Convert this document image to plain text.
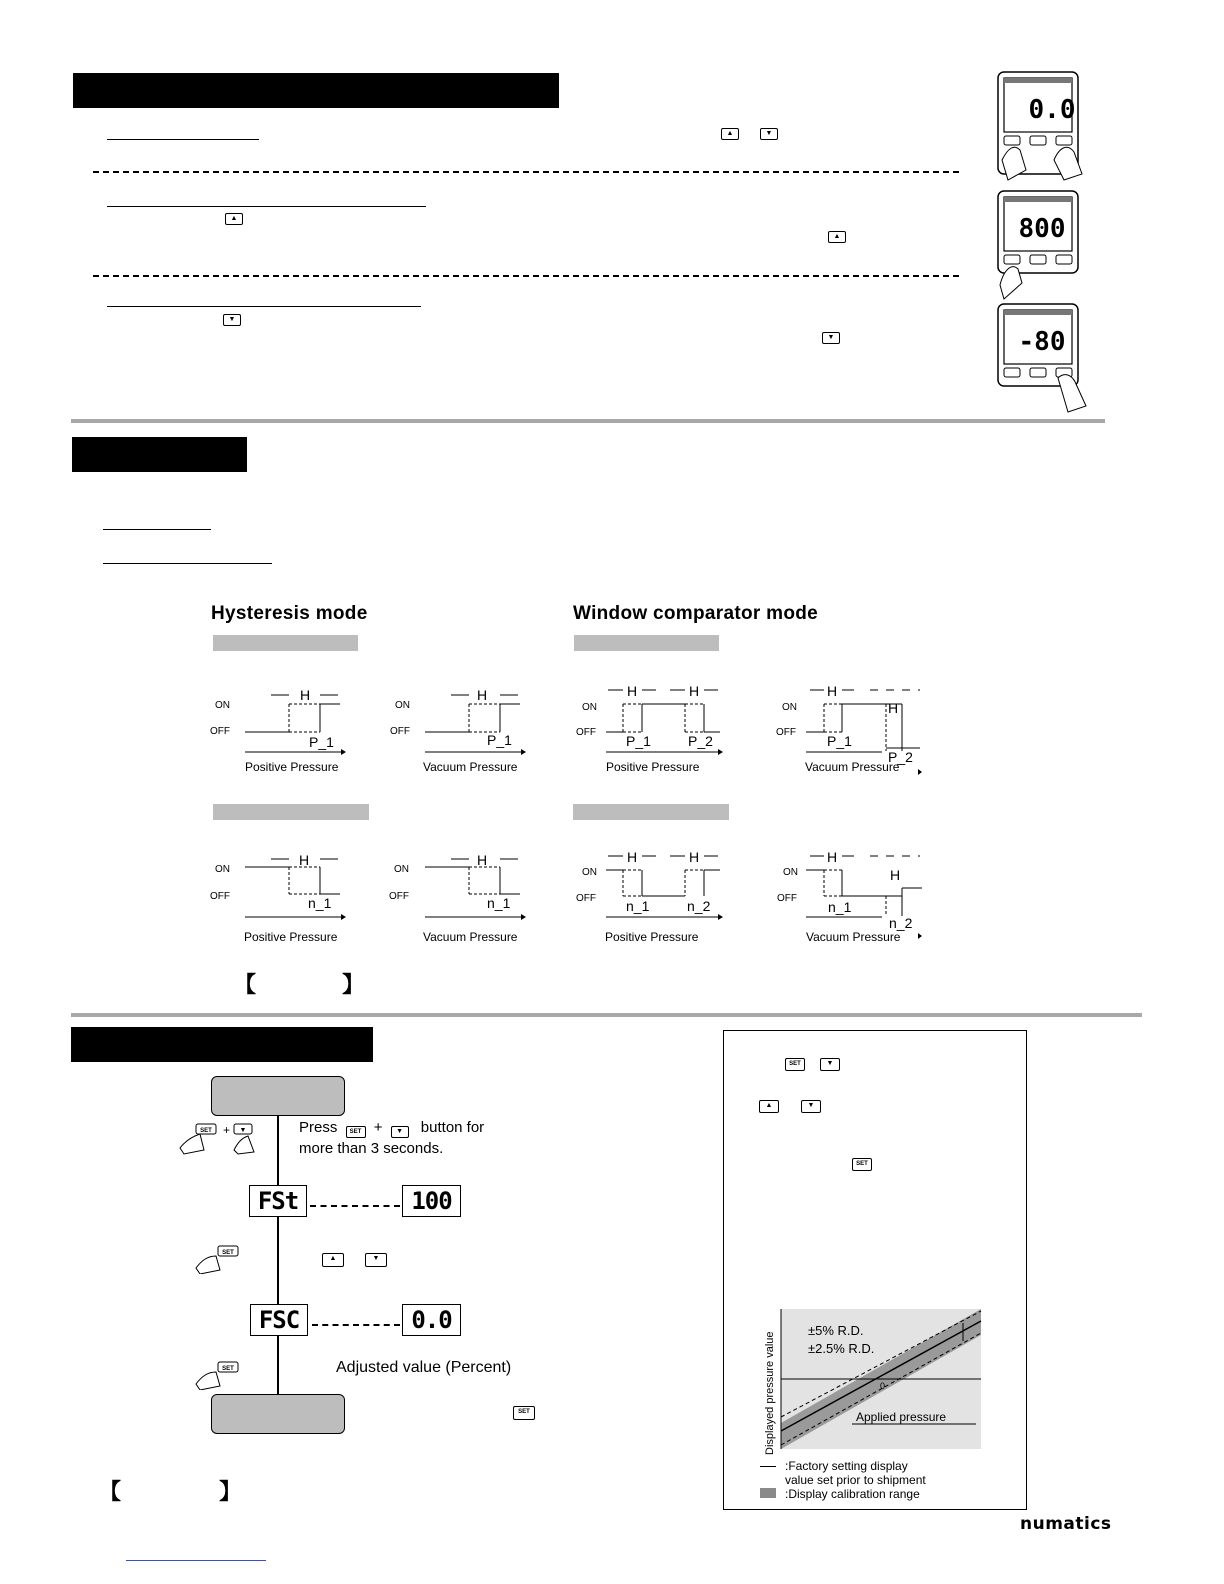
▲	▼
▲
▲
▼
▼
0.0
800
-80
Hysteresis mode	Window comparator mode
ON
OFF
H
P_1
Positive Pressure
ON
OFF
H
P_1
Vacuum Pressure
ON
OFF
H	H
P_1	P_2
Positive Pressure
ON
OFF
H
H
P_1
P_2
Vacuum Pressure
ON
OFF
H
n_1
Positive Pressure
ON
OFF
H
n_1
Vacuum Pressure
ON
OFF
H	H
n_1	n_2
Positive Pressure
ON
OFF
H
H
n_1
n_2
Vacuum Pressure
【 】
SET + ▼	Press SET + ▼ button for
more than 3 seconds.
FSt	100
SET
▲	▼
FSC	0.0
SET	Adjusted value (Percent)
SET
【 】
SET	▼
▲	▼
SET
±5% R.D.
±2.5% R.D.
0
Applied pressure
Displayed pressure value
:Factory setting display
value set prior to shipment
:Display calibration range
numatics
